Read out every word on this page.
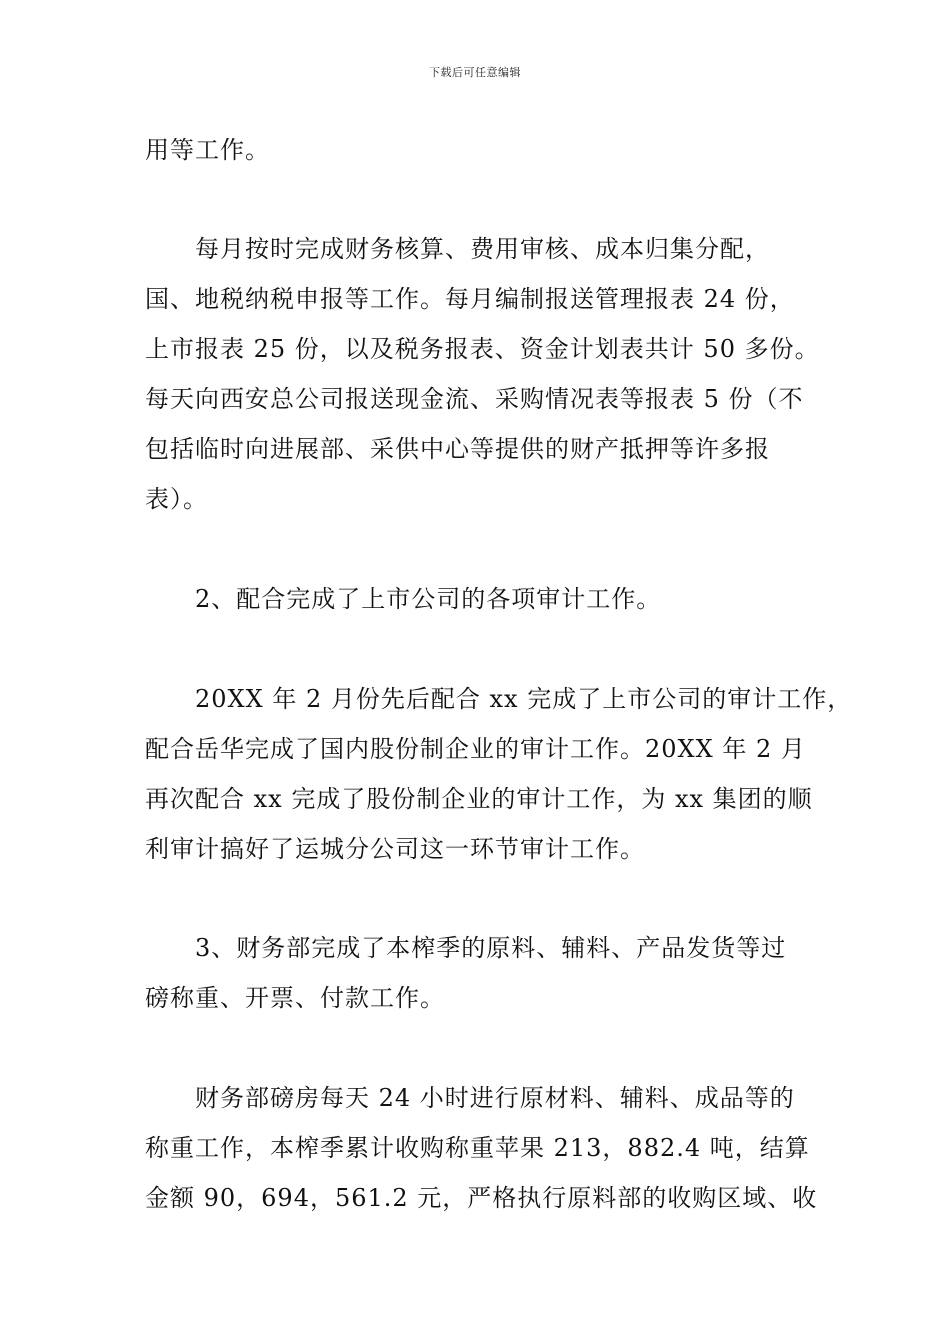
下载后可任意编辑
用等工作。
每月按时完成财务核算、费用审核、成本归集分配，
国、地税纳税申报等工作。每月编制报送管理报表 24 份，
上市报表 25 份，以及税务报表、资金计划表共计 50 多份。
每天向西安总公司报送现金流、采购情况表等报表 5 份（不
包括临时向进展部、采供中心等提供的财产抵押等许多报
表）。
2、配合完成了上市公司的各项审计工作。
20XX 年 2 月份先后配合 xx 完成了上市公司的审计工作，
配合岳华完成了国内股份制企业的审计工作。20XX 年 2 月
再次配合 xx 完成了股份制企业的审计工作，为 xx 集团的顺
利审计搞好了运城分公司这一环节审计工作。
3、财务部完成了本榨季的原料、辅料、产品发货等过
磅称重、开票、付款工作。
财务部磅房每天 24 小时进行原材料、辅料、成品等的
称重工作，本榨季累计收购称重苹果 213，882.4 吨，结算
金额 90，694，561.2 元，严格执行原料部的收购区域、收
